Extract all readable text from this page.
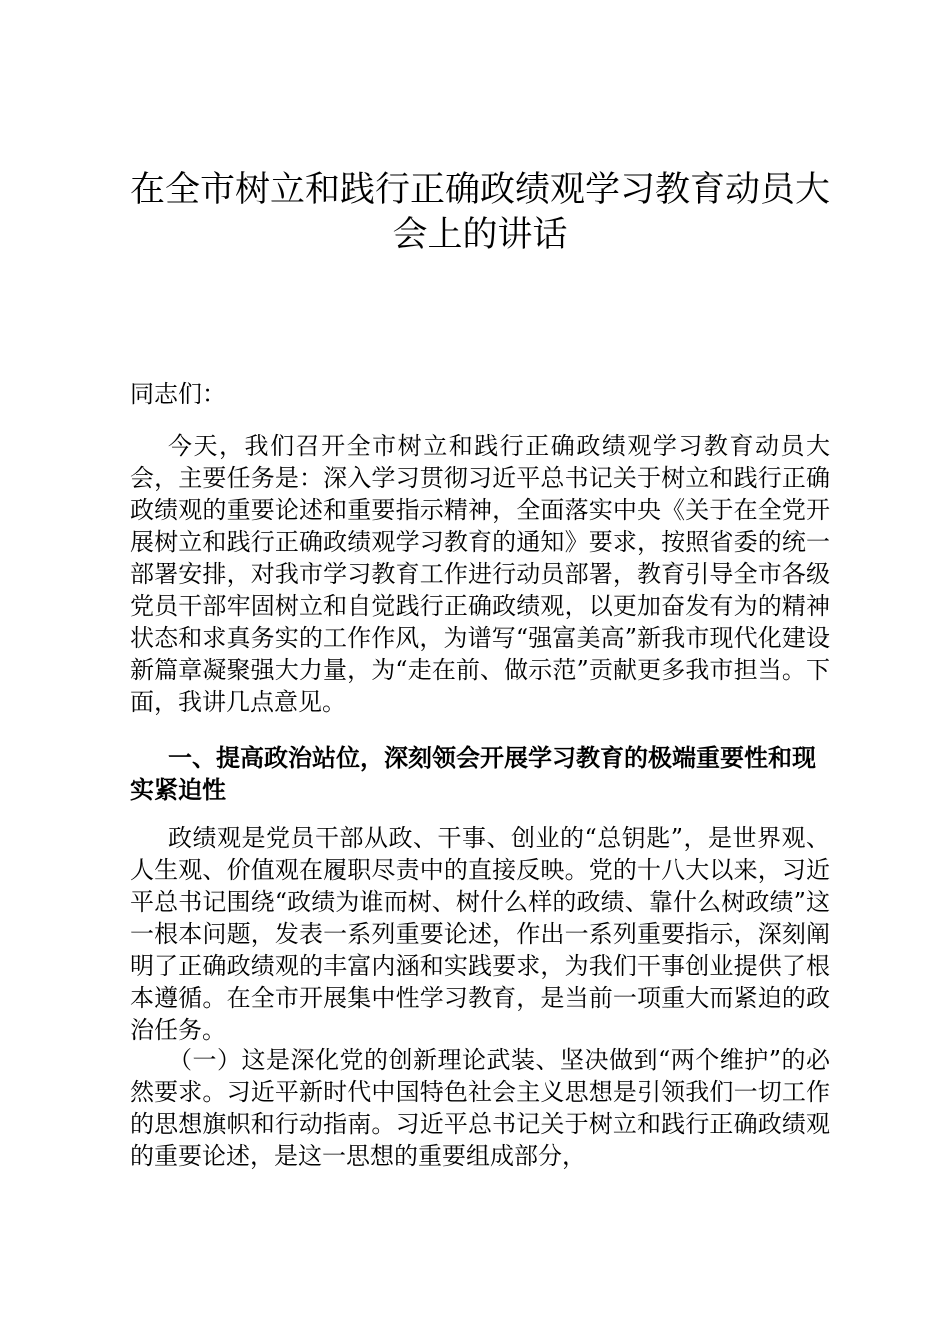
在全市树立和践行正确政绩观学习教育动员大会上的讲话

同志们：

今天，我们召开全市树立和践行正确政绩观学习教育动员大会，主要任务是：深入学习贯彻习近平总书记关于树立和践行正确政绩观的重要论述和重要指示精神，全面落实中央《关于在全党开展树立和践行正确政绩观学习教育的通知》要求，按照省委的统一部署安排，对我市学习教育工作进行动员部署，教育引导全市各级党员干部牢固树立和自觉践行正确政绩观，以更加奋发有为的精神状态和求真务实的工作作风，为谱写“强富美高”新我市现代化建设新篇章凝聚强大力量，为“走在前、做示范”贡献更多我市担当。下面，我讲几点意见。

一、提高政治站位，深刻领会开展学习教育的极端重要性和现实紧迫性

政绩观是党员干部从政、干事、创业的“总钥匙”，是世界观、人生观、价值观在履职尽责中的直接反映。党的十八大以来，习近平总书记围绕“政绩为谁而树、树什么样的政绩、靠什么树政绩”这一根本问题，发表一系列重要论述，作出一系列重要指示，深刻阐明了正确政绩观的丰富内涵和实践要求，为我们干事创业提供了根本遵循。在全市开展集中性学习教育，是当前一项重大而紧迫的政治任务。

（一）这是深化党的创新理论武装、坚决做到“两个维护”的必然要求。习近平新时代中国特色社会主义思想是引领我们一切工作的思想旗帜和行动指南。习近平总书记关于树立和践行正确政绩观的重要论述，是这一思想的重要组成部分，
